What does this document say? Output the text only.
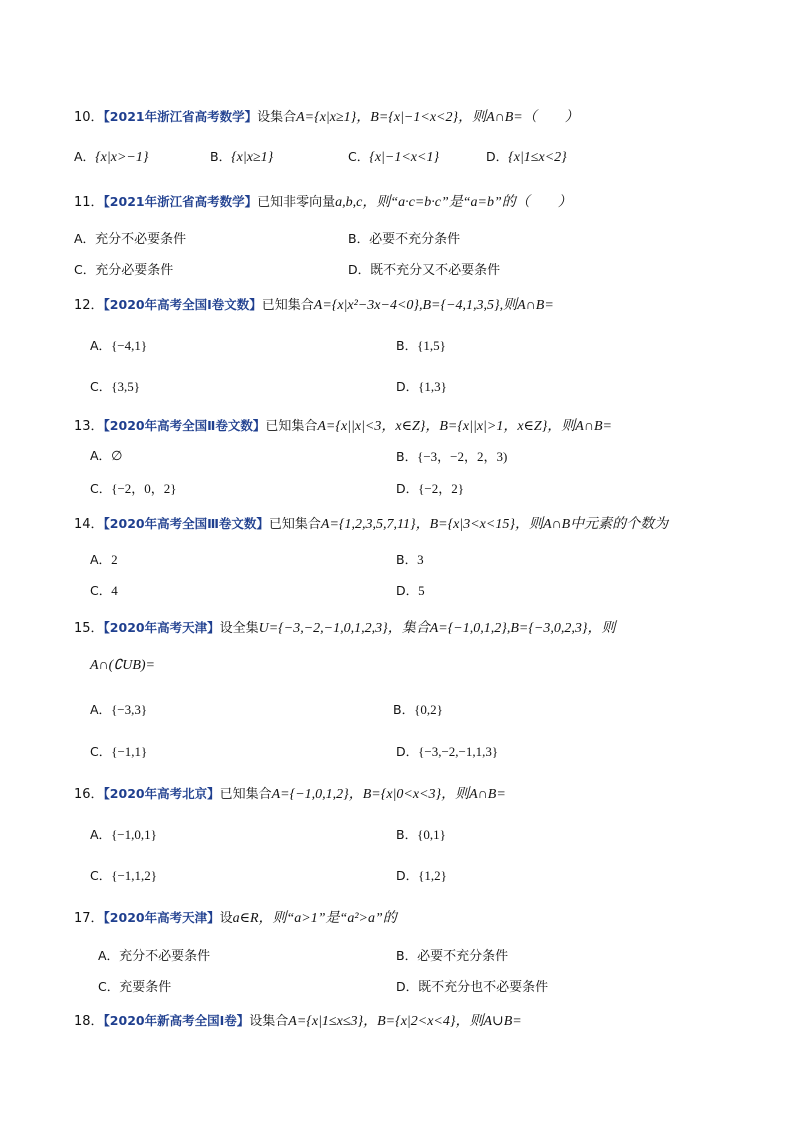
10．【2021年浙江省高考数学】设集合A={x|x≥1}，B={x|−1<x<2}，则A∩B=（　　）
A．{x|x>−1}	B．{x|x≥1}	C．{x|−1<x<1}	D．{x|1≤x<2}
11．【2021年浙江省高考数学】已知非零向量a,b,c，则“a·c=b·c”是“a=b”的（　　）
A．充分不必要条件	B．必要不充分条件
C．充分必要条件	D．既不充分又不必要条件
12．【2020年高考全国Ⅰ卷文数】已知集合A={x|x²−3x−4<0},B={−4,1,3,5},则A∩B=
A．{−4,1}	B．{1,5}
C．{3,5}	D．{1,3}
13．【2020年高考全国Ⅱ卷文数】已知集合A={x||x|<3，x∈Z}，B={x||x|>1，x∈Z}，则A∩B=
A．∅	B．{−3，−2，2，3)
C．{−2，0，2}	D．{−2，2}
14．【2020年高考全国Ⅲ卷文数】已知集合A={1,2,3,5,7,11}，B={x|3<x<15}，则A∩B中元素的个数为
A．2	B．3
C．4	D．5
15．【2020年高考天津】设全集U={−3,−2,−1,0,1,2,3}，集合A={−1,0,1,2},B={−3,0,2,3}，则
A∩(∁UB)=
A．{−3,3}	B．{0,2}
C．{−1,1}	D．{−3,−2,−1,1,3}
16．【2020年高考北京】已知集合A={−1,0,1,2}，B={x|0<x<3}，则A∩B=
A．{−1,0,1}	B．{0,1}
C．{−1,1,2}	D．{1,2}
17．【2020年高考天津】设a∈R，则“a>1”是“a²>a”的
A．充分不必要条件	B．必要不充分条件
C．充要条件	D．既不充分也不必要条件
18．【2020年新高考全国Ⅰ卷】设集合A={x|1≤x≤3}，B={x|2<x<4}，则A∪B=
